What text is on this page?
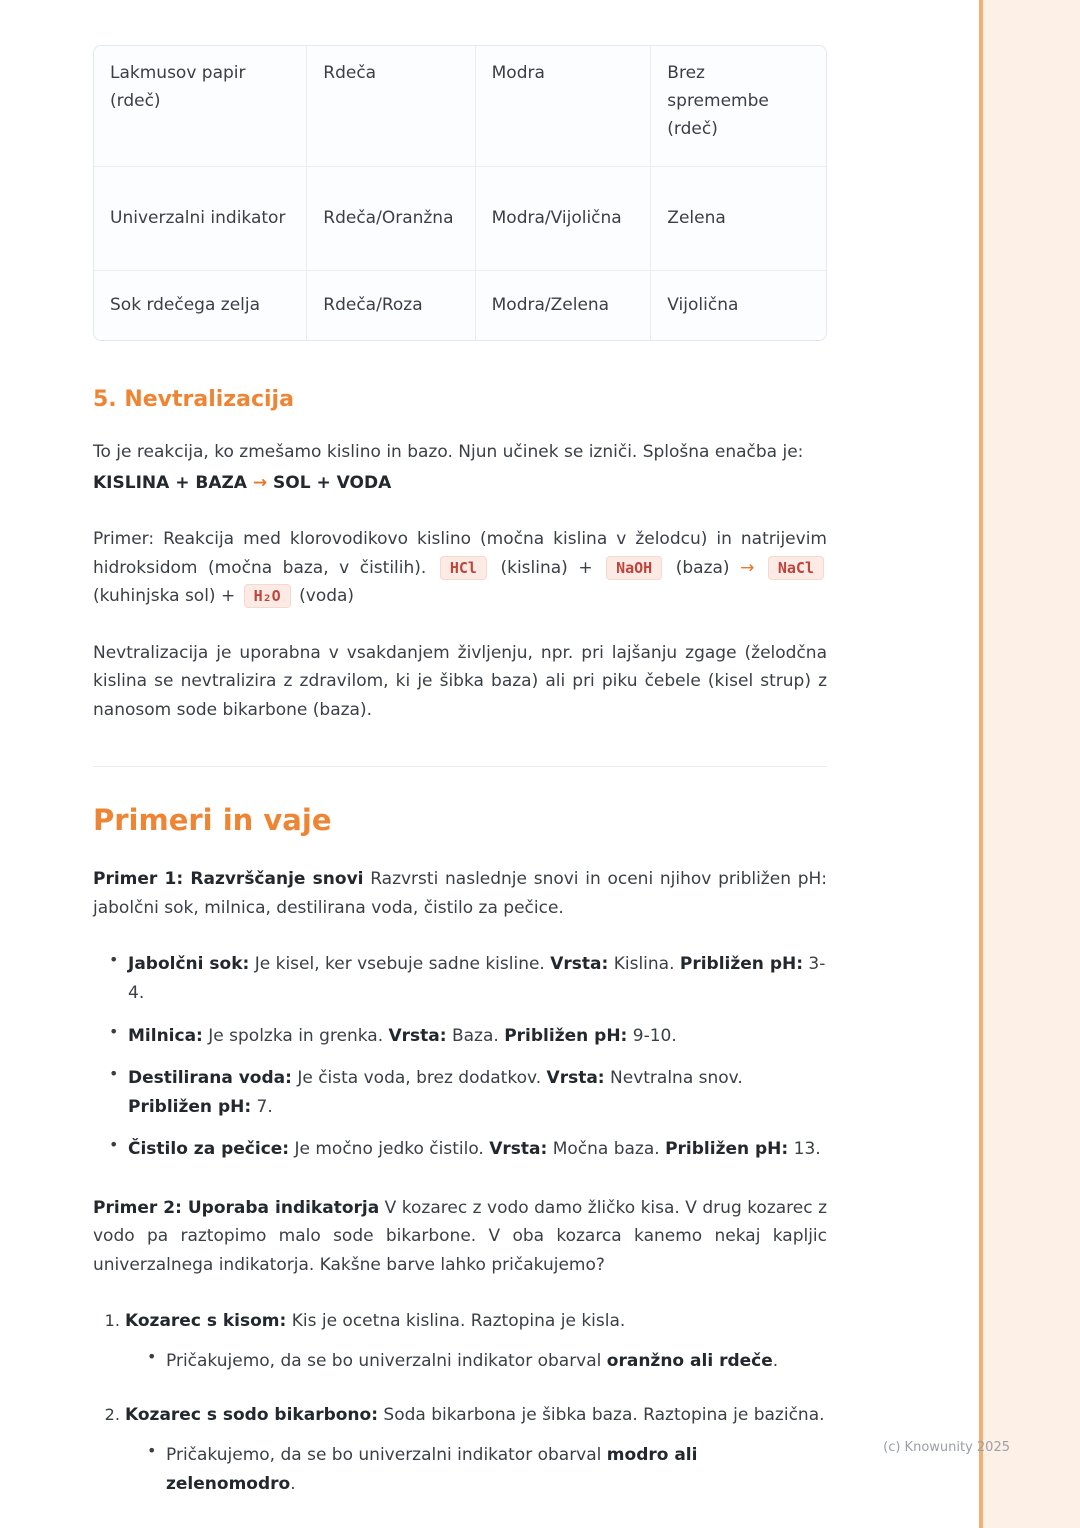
Lakmusov papir (rdeč)	Rdeča	Modra	Brez spremembe (rdeč)
Univerzalni indikator	Rdeča/Oranžna	Modra/Vijolična	Zelena
Sok rdečega zelja	Rdeča/Roza	Modra/Zelena	Vijolična
5. Nevtralizacija

To je reakcija, ko zmešamo kislino in bazo. Njun učinek se izniči. Splošna enačba je:

KISLINA + BAZA → SOL + VODA

Primer: Reakcija med klorovodikovo kislino (močna kislina v želodcu) in natrijevim hidroksidom (močna baza, v čistilih). HCl (kislina) + NaOH (baza) → NaCl (kuhinjska sol) + H₂O (voda)

Nevtralizacija je uporabna v vsakdanjem življenju, npr. pri lajšanju zgage (želodčna kislina se nevtralizira z zdravilom, ki je šibka baza) ali pri piku čebele (kisel strup) z nanosom sode bikarbone (baza).

Primeri in vaje

Primer 1: Razvrščanje snovi Razvrsti naslednje snovi in oceni njihov približen pH: jabolčni sok, milnica, destilirana voda, čistilo za pečice.

• Jabolčni sok: Je kisel, ker vsebuje sadne kisline. Vrsta: Kislina. Približen pH: 3-4.
• Milnica: Je spolzka in grenka. Vrsta: Baza. Približen pH: 9-10.
• Destilirana voda: Je čista voda, brez dodatkov. Vrsta: Nevtralna snov. Približen pH: 7.
• Čistilo za pečice: Je močno jedko čistilo. Vrsta: Močna baza. Približen pH: 13.

Primer 2: Uporaba indikatorja V kozarec z vodo damo žličko kisa. V drug kozarec z vodo pa raztopimo malo sode bikarbone. V oba kozarca kanemo nekaj kapljic univerzalnega indikatorja. Kakšne barve lahko pričakujemo?

1. Kozarec s kisom: Kis je ocetna kislina. Raztopina je kisla.
• Pričakujemo, da se bo univerzalni indikator obarval oranžno ali rdeče.
2. Kozarec s sodo bikarbono: Soda bikarbona je šibka baza. Raztopina je bazična.
• Pričakujemo, da se bo univerzalni indikator obarval modro ali zelenomodro.
(c) Knowunity 2025
